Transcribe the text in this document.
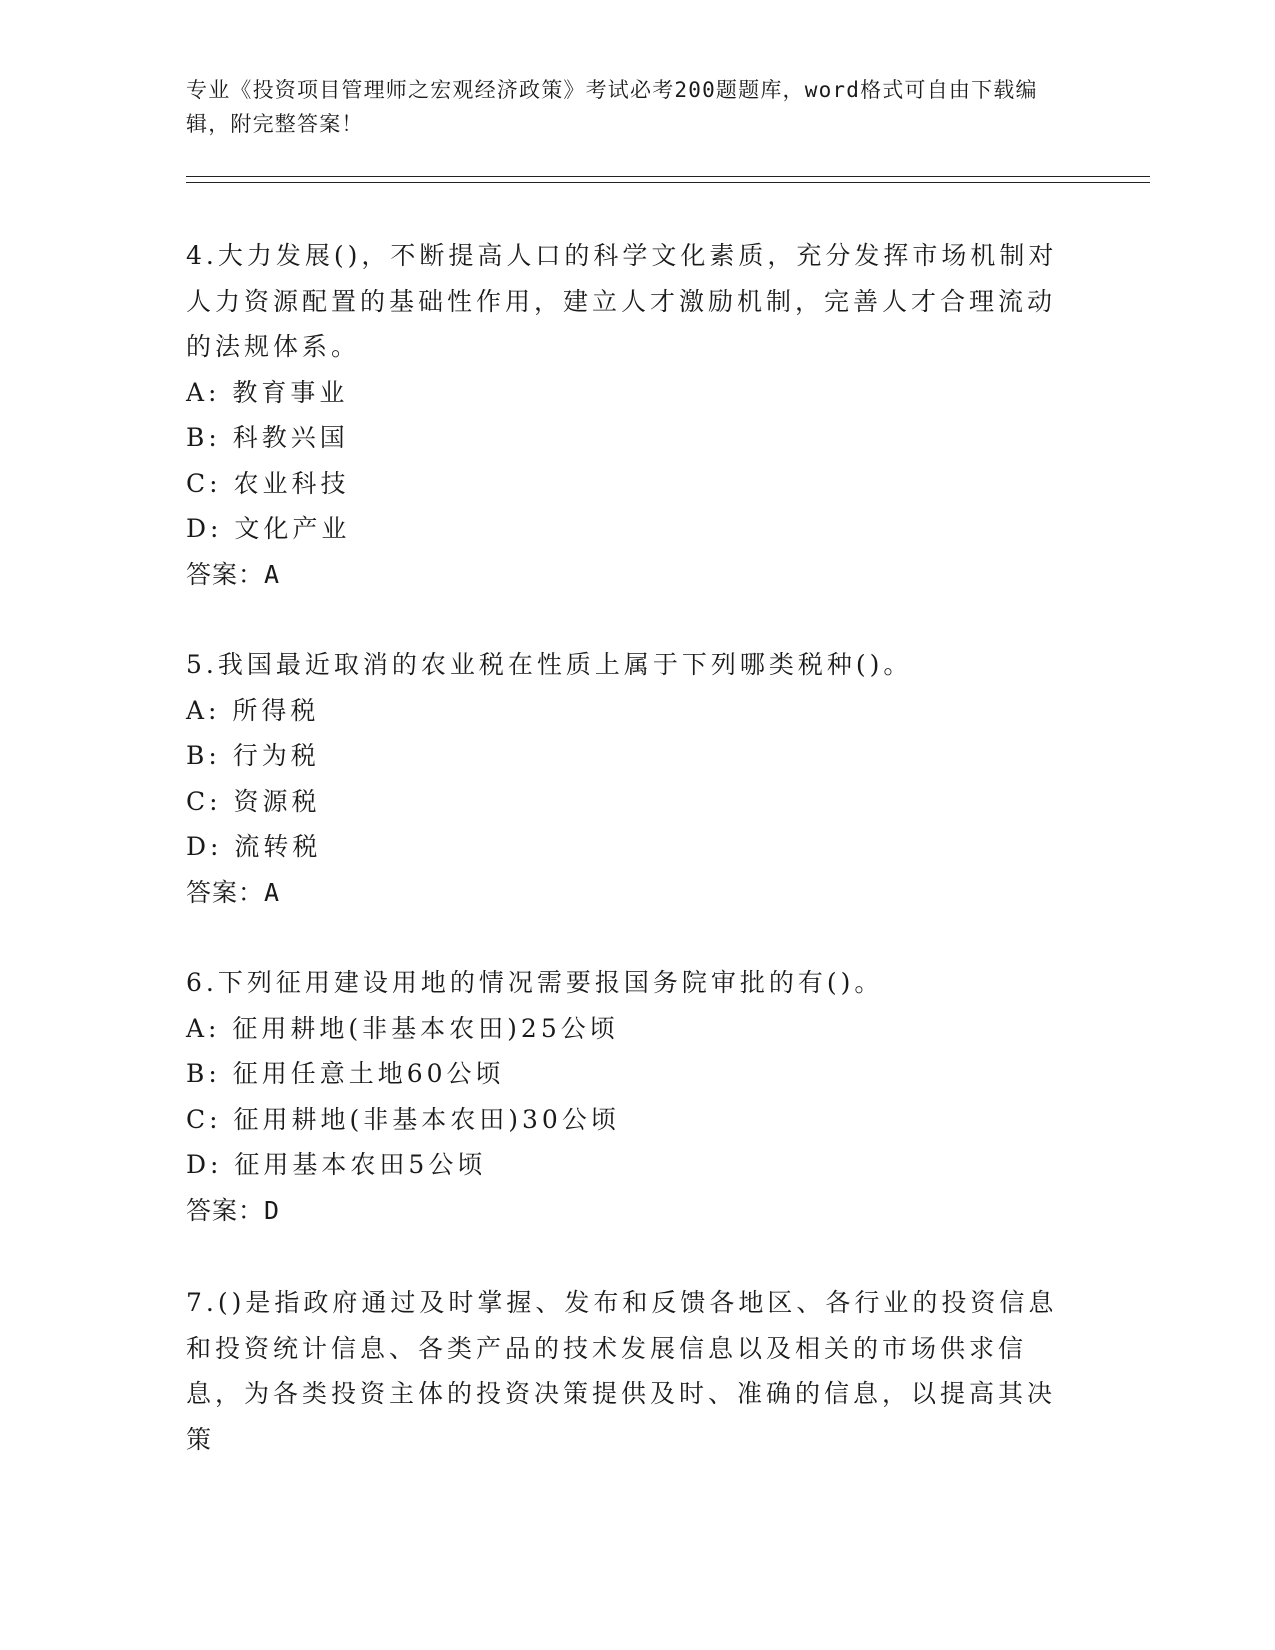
专业《投资项目管理师之宏观经济政策》考试必考200题题库，word格式可自由下载编辑，附完整答案！
4.大力发展()，不断提高人口的科学文化素质，充分发挥市场机制对人力资源配置的基础性作用，建立人才激励机制，完善人才合理流动的法规体系。
A: 教育事业
B: 科教兴国
C: 农业科技
D: 文化产业
答案：A
5.我国最近取消的农业税在性质上属于下列哪类税种()。
A: 所得税
B: 行为税
C: 资源税
D: 流转税
答案：A
6.下列征用建设用地的情况需要报国务院审批的有()。
A: 征用耕地(非基本农田)25公顷
B: 征用任意土地60公顷
C: 征用耕地(非基本农田)30公顷
D: 征用基本农田5公顷
答案：D
7.()是指政府通过及时掌握、发布和反馈各地区、各行业的投资信息和投资统计信息、各类产品的技术发展信息以及相关的市场供求信息，为各类投资主体的投资决策提供及时、准确的信息，以提高其决策
